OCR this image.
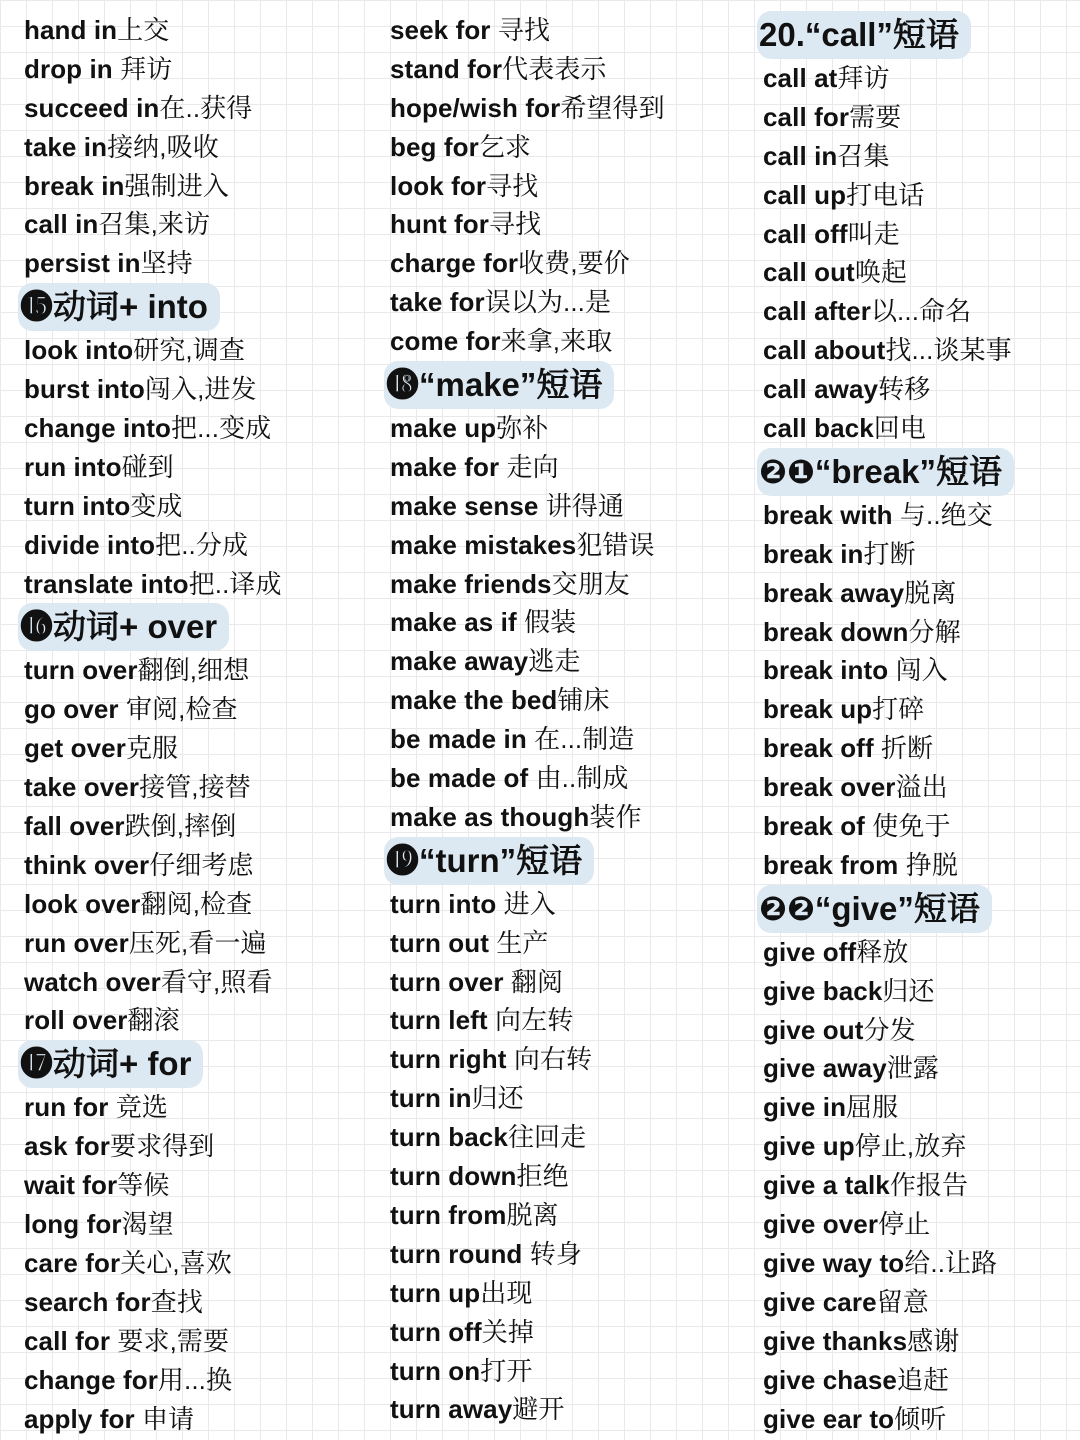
hand in上交
drop in 拜访
succeed in在..获得
take in接纳,吸收
break in强制进入
call in召集,来访
persist in坚持
⓯动词+ into
look into研究,调查
burst into闯入,进发
change into把...变成
run into碰到
turn into变成
divide into把..分成
translate into把..译成
⓰动词+ over
turn over翻倒,细想
go over 审阅,检查
get over克服
take over接管,接替
fall over跌倒,摔倒
think over仔细考虑
look over翻阅,检查
run over压死,看一遍
watch over看守,照看
roll over翻滚
⓱动词+ for
run for 竞选
ask for要求得到
wait for等候
long for渴望
care for关心,喜欢
search for查找
call for 要求,需要
change for用...换
apply for 申请
seek for 寻找
stand for代表表示
hope/wish for希望得到
beg for乞求
look for寻找
hunt for寻找
charge for收费,要价
take for误以为...是
come for来拿,来取
⓲“make”短语
make up弥补
make for 走向
make sense 讲得通
make mistakes犯错误
make friends交朋友
make as if 假装
make away逃走
make the bed铺床
be made in 在...制造
be made of 由..制成
make as though装作
⓳“turn”短语
turn into 进入
turn out 生产
turn over 翻阅
turn left 向左转
turn right 向右转
turn in归还
turn back往回走
turn down拒绝
turn from脱离
turn round 转身
turn up出现
turn off关掉
turn on打开
turn away避开
20.“call”短语
call at拜访
call for需要
call in召集
call up打电话
call off叫走
call out唤起
call after以...命名
call about找...谈某事
call away转移
call back回电
❷❶“break”短语
break with 与..绝交
break in打断
break away脱离
break down分解
break into 闯入
break up打碎
break off 折断
break over溢出
break of 使免于
break from 挣脱
❷❷“give”短语
give off释放
give back归还
give out分发
give away泄露
give in屈服
give up停止,放弃
give a talk作报告
give over停止
give way to给..让路
give care留意
give thanks感谢
give chase追赶
give ear to倾听
